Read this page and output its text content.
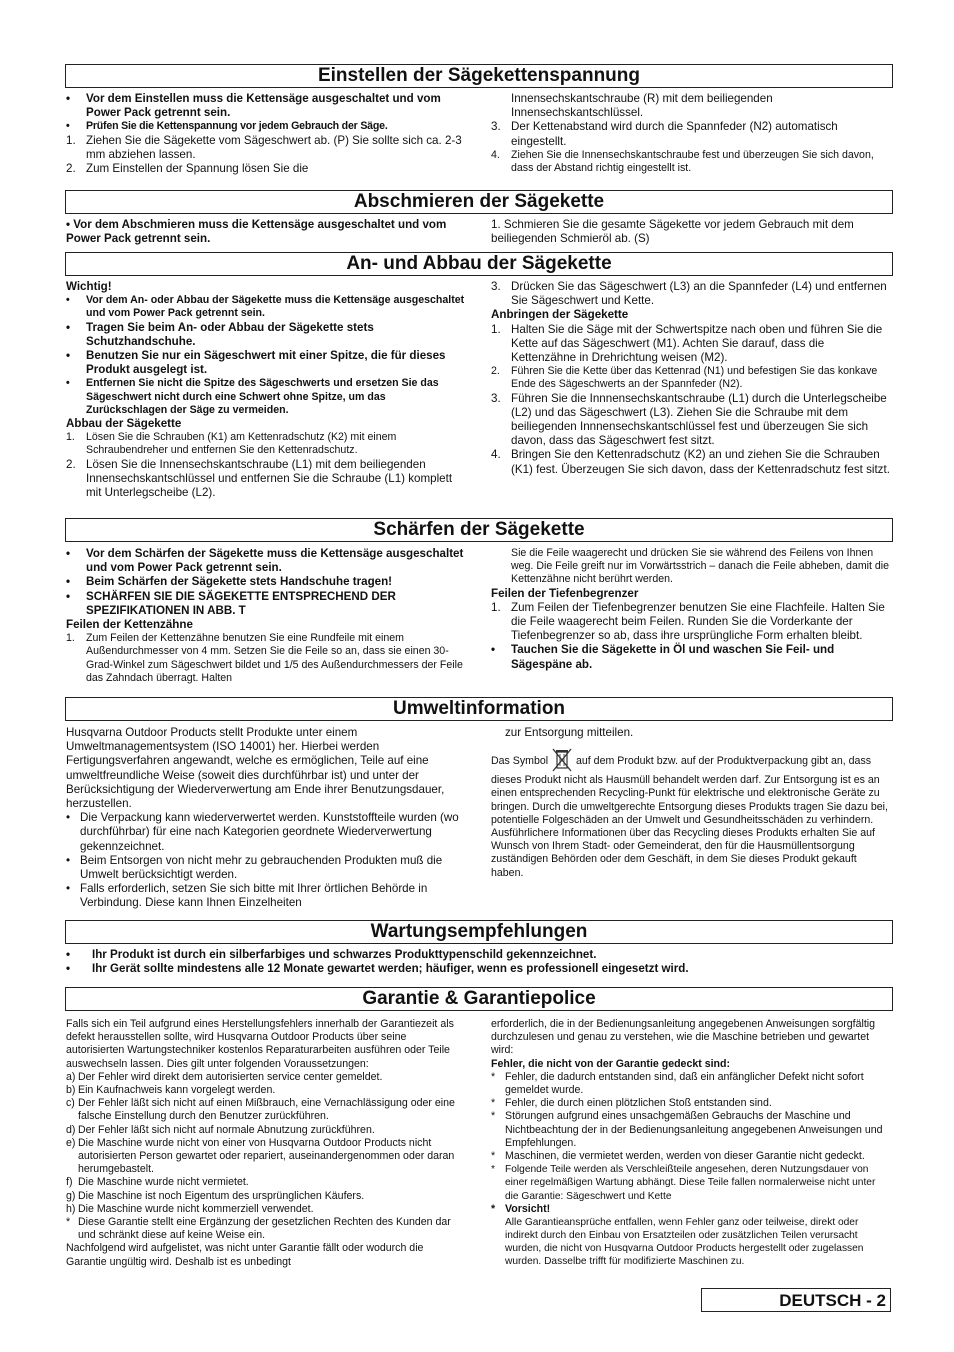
Einstellen der Sägekettenspannung
• Vor dem Einstellen muss die Kettensäge ausgeschaltet und vom Power Pack getrennt sein.
• Prüfen Sie die Kettenspannung vor jedem Gebrauch der Säge.
1. Ziehen Sie die Sägekette vom Sägeschwert ab. (P) Sie sollte sich ca. 2-3 mm abziehen lassen.
2. Zum Einstellen der Spannung lösen Sie die
Innensechskantschraube (R) mit dem beiliegenden Innensechskantschlüssel.
3. Der Kettenabstand wird durch die Spannfeder (N2) automatisch eingestellt.
4. Ziehen Sie die Innensechskantschraube fest und überzeugen Sie sich davon, dass der Abstand richtig eingestellt ist.
Abschmieren der Sägekette
• Vor dem Abschmieren muss die Kettensäge ausgeschaltet und vom Power Pack getrennt sein.
1. Schmieren Sie die gesamte Sägekette vor jedem Gebrauch mit dem beiliegenden Schmieröl ab. (S)
An- und Abbau der Sägekette
Wichtig!
• Vor dem An- oder Abbau der Sägekette muss die Kettensäge ausgeschaltet und vom Power Pack getrennt sein.
• Tragen Sie beim An- oder Abbau der Sägekette stets Schutzhandschuhe.
• Benutzen Sie nur ein Sägeschwert mit einer Spitze, die für dieses Produkt ausgelegt ist.
• Entfernen Sie nicht die Spitze des Sägeschwerts und ersetzen Sie das Sägeschwert nicht durch eine Schwert ohne Spitze, um das Zurückschlagen der Säge zu vermeiden.
Abbau der Sägekette
1. Lösen Sie die Schrauben (K1) am Kettenradschutz (K2) mit einem Schraubendreher und entfernen Sie den Kettenradschutz.
2. Lösen Sie die Innensechskantschraube (L1) mit dem beiliegenden Innensechskantschlüssel und entfernen Sie die Schraube (L1) komplett mit Unterlegscheibe (L2).
3. Drücken Sie das Sägeschwert (L3) an die Spannfeder (L4) und entfernen Sie Sägeschwert und Kette.
Anbringen der Sägekette
1. Halten Sie die Säge mit der Schwertspitze nach oben und führen Sie die Kette auf das Sägeschwert (M1). Achten Sie darauf, dass die Kettenzähne in Drehrichtung weisen (M2).
2. Führen Sie die Kette über das Kettenrad (N1) und befestigen Sie das konkave Ende des Sägeschwerts an der Spannfeder (N2).
3. Führen Sie die Innnensechskantschraube (L1) durch die Unterlegscheibe (L2) und das Sägeschwert (L3). Ziehen Sie die Schraube mit dem beiliegenden Innnensechskantschlüssel fest und überzeugen Sie sich davon, dass das Sägeschwert fest sitzt.
4. Bringen Sie den Kettenradschutz (K2) an und ziehen Sie die Schrauben (K1) fest. Überzeugen Sie sich davon, dass der Kettenradschutz fest sitzt.
Schärfen der Sägekette
• Vor dem Schärfen der Sägekette muss die Kettensäge ausgeschaltet und vom Power Pack getrennt sein.
• Beim Schärfen der Sägekette stets Handschuhe tragen!
• SCHÄRFEN SIE DIE SÄGEKETTE ENTSPRECHEND DER SPEZIFIKATIONEN IN ABB. T
Feilen der Kettenzähne
1. Zum Feilen der Kettenzähne benutzen Sie eine Rundfeile mit einem Außendurchmesser von 4 mm. Setzen Sie die Feile so an, dass sie einen 30-Grad-Winkel zum Sägeschwert bildet und 1/5 des Außendurchmessers der Feile das Zahndach überragt. Halten
Sie die Feile waagerecht und drücken Sie sie während des Feilens von Ihnen weg. Die Feile greift nur im Vorwärtsstrich – danach die Feile abheben, damit die Kettenzähne nicht berührt werden.
Feilen der Tiefenbegrenzer
1. Zum Feilen der Tiefenbegrenzer benutzen Sie eine Flachfeile. Halten Sie die Feile waagerecht beim Feilen. Runden Sie die Vorderkante der Tiefenbegrenzer so ab, dass ihre ursprüngliche Form erhalten bleibt.
• Tauchen Sie die Sägekette in Öl und waschen Sie Feil- und Sägespäne ab.
Umweltinformation
Husqvarna Outdoor Products stellt Produkte unter einem Umweltmanagementsystem (ISO 14001) her. Hierbei werden Fertigungsverfahren angewandt, welche es ermöglichen, Teile auf eine umweltfreundliche Weise (soweit dies durchführbar ist) und unter der Berücksichtigung der Wiederverwertung am Ende ihrer Benutzungsdauer, herzustellen.
• Die Verpackung kann wiederverwertet werden. Kunststoffteile wurden (wo durchführbar) für eine nach Kategorien geordnete Wiederverwertung gekennzeichnet.
• Beim Entsorgen von nicht mehr zu gebrauchenden Produkten muß die Umwelt berücksichtigt werden.
• Falls erforderlich, setzen Sie sich bitte mit Ihrer örtlichen Behörde in Verbindung. Diese kann Ihnen Einzelheiten
zur Entsorgung mitteilen.
Das Symbol	auf dem Produkt bzw. auf der Produktverpackung gibt an, dass dieses Produkt nicht als Hausmüll behandelt werden darf. Zur Entsorgung ist es an einen entsprechenden Recycling-Punkt für elektrische und elektronische Geräte zu bringen. Durch die umweltgerechte Entsorgung dieses Produkts tragen Sie dazu bei, potentielle Folgeschäden an der Umwelt und Gesundheitsschäden zu verhindern. Ausführlichere Informationen über das Recycling dieses Produkts erhalten Sie auf Wunsch von Ihrem Stadt- oder Gemeinderat, den für die Hausmüllentsorgung zuständigen Behörden oder dem Geschäft, in dem Sie dieses Produkt gekauft haben.
Wartungsempfehlungen
• Ihr Produkt ist durch ein silberfarbiges und schwarzes Produkttypenschild gekennzeichnet.
• Ihr Gerät sollte mindestens alle 12 Monate gewartet werden; häufiger, wenn es professionell eingesetzt wird.
Garantie & Garantiepolice
Falls sich ein Teil aufgrund eines Herstellungsfehlers innerhalb der Garantiezeit als defekt herausstellen sollte, wird Husqvarna Outdoor Products über seine autorisierten Wartungstechniker kostenlos Reparaturarbeiten ausführen oder Teile auswechseln lassen. Dies gilt unter folgenden Voraussetzungen:
a) Der Fehler wird direkt dem autorisierten service center gemeldet.
b) Ein Kaufnachweis kann vorgelegt werden.
c) Der Fehler läßt sich nicht auf einen Mißbrauch, eine Vernachlässigung oder eine falsche Einstellung durch den Benutzer zurückführen.
d) Der Fehler läßt sich nicht auf normale Abnutzung zurückführen.
e) Die Maschine wurde nicht von einer von Husqvarna Outdoor Products nicht autorisierten Person gewartet oder repariert, auseinandergenommen oder daran herumgebastelt.
f) Die Maschine wurde nicht vermietet.
g) Die Maschine ist noch Eigentum des ursprünglichen Käufers.
h) Die Maschine wurde nicht kommerziell verwendet.
* Diese Garantie stellt eine Ergänzung der gesetzlichen Rechten des Kunden dar und schränkt diese auf keine Weise ein.
Nachfolgend wird aufgelistet, was nicht unter Garantie fällt oder wodurch die Garantie ungültig wird. Deshalb ist es unbedingt
erforderlich, die in der Bedienungsanleitung angegebenen Anweisungen sorgfältig durchzulesen und genau zu verstehen, wie die Maschine betrieben und gewartet wird:
Fehler, die nicht von der Garantie gedeckt sind:
* Fehler, die dadurch entstanden sind, daß ein anfänglicher Defekt nicht sofort gemeldet wurde.
* Fehler, die durch einen plötzlichen Stoß entstanden sind.
* Störungen aufgrund eines unsachgemäßen Gebrauchs der Maschine und Nichtbeachtung der in der Bedienungsanleitung angegebenen Anweisungen und Empfehlungen.
* Maschinen, die vermietet werden, werden von dieser Garantie nicht gedeckt.
* Folgende Teile werden als Verschleißteile angesehen, deren Nutzungsdauer von einer regelmäßigen Wartung abhängt. Diese Teile fallen normalerweise nicht unter die Garantie: Sägeschwert und Kette
* Vorsicht!
Alle Garantieansprüche entfallen, wenn Fehler ganz oder teilweise, direkt oder indirekt durch den Einbau von Ersatzteilen oder zusätzlichen Teilen verursacht wurden, die nicht von Husqvarna Outdoor Products hergestellt oder zugelassen wurden. Dasselbe trifft für modifizierte Maschinen zu.
DEUTSCH - 2
